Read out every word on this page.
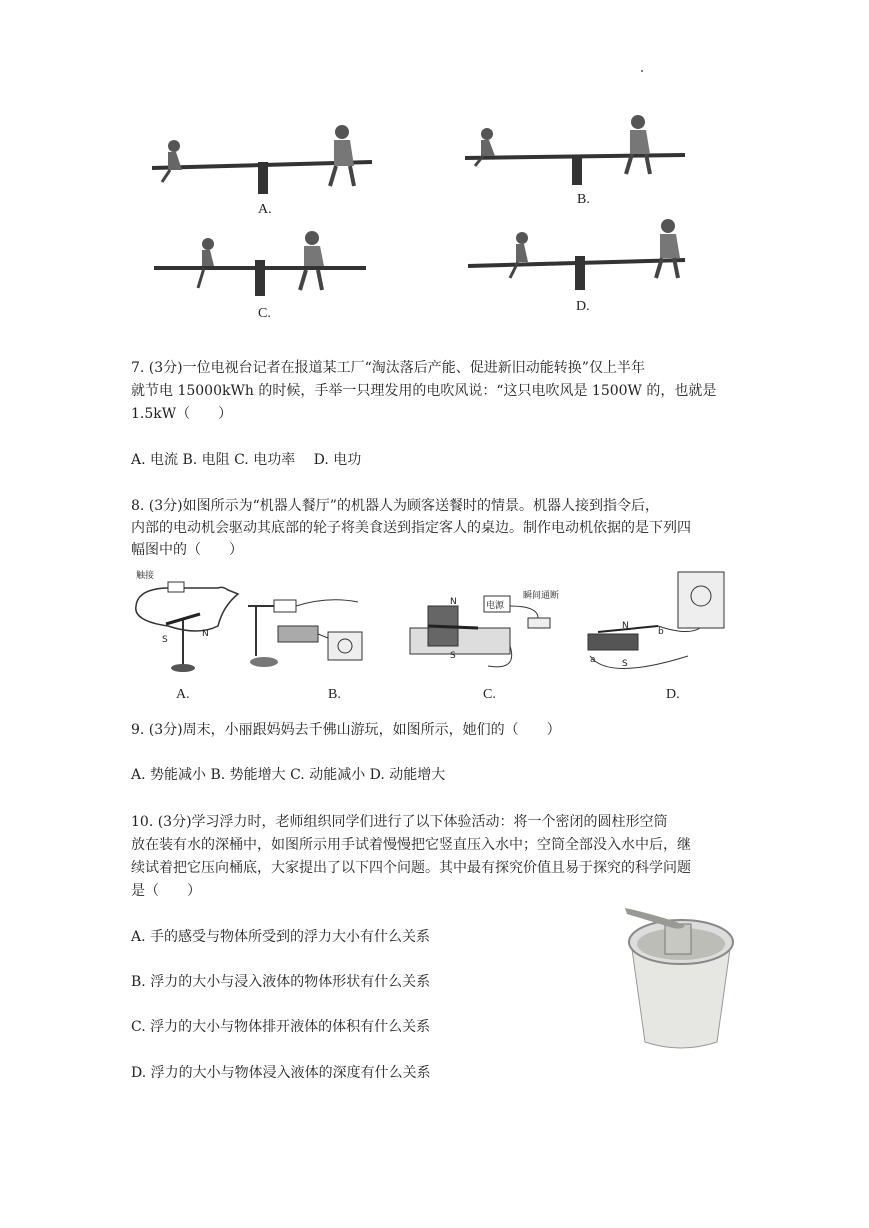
A.
B.
C.	D.
7. (3分)一位电视台记者在报道某工厂“淘汰落后产能、促进新旧动能转换”仅上半年
就节电 15000kWh 的时候，手举一只理发用的电吹风说：“这只电吹风是 1500W 的，也就是
1.5kW（　　）
A. 电流 B. 电阻 C. 电功率　 D. 电功
8. (3分)如图所示为“机器人餐厅”的机器人为顾客送餐时的情景。机器人接到指令后，
内部的电动机会驱动其底部的轮子将美食送到指定客人的桌边。制作电动机依据的是下列四
幅图中的（　　）
触接
S
N
A.	B.
电源
瞬间通断
N
S
C.
N
S
a
b
D.
9. (3分)周末，小丽跟妈妈去千佛山游玩，如图所示，她们的（　　）
A. 势能减小 B. 势能增大 C. 动能减小 D. 动能增大
10. (3分)学习浮力时，老师组织同学们进行了以下体验活动：将一个密闭的圆柱形空筒
放在装有水的深桶中，如图所示用手试着慢慢把它竖直压入水中；空筒全部没入水中后，继
续试着把它压向桶底，大家提出了以下四个问题。其中最有探究价值且易于探究的科学问题
是（　　）
A. 手的感受与物体所受到的浮力大小有什么关系
B. 浮力的大小与浸入液体的物体形状有什么关系
C. 浮力的大小与物体排开液体的体积有什么关系
D. 浮力的大小与物体浸入液体的深度有什么关系
